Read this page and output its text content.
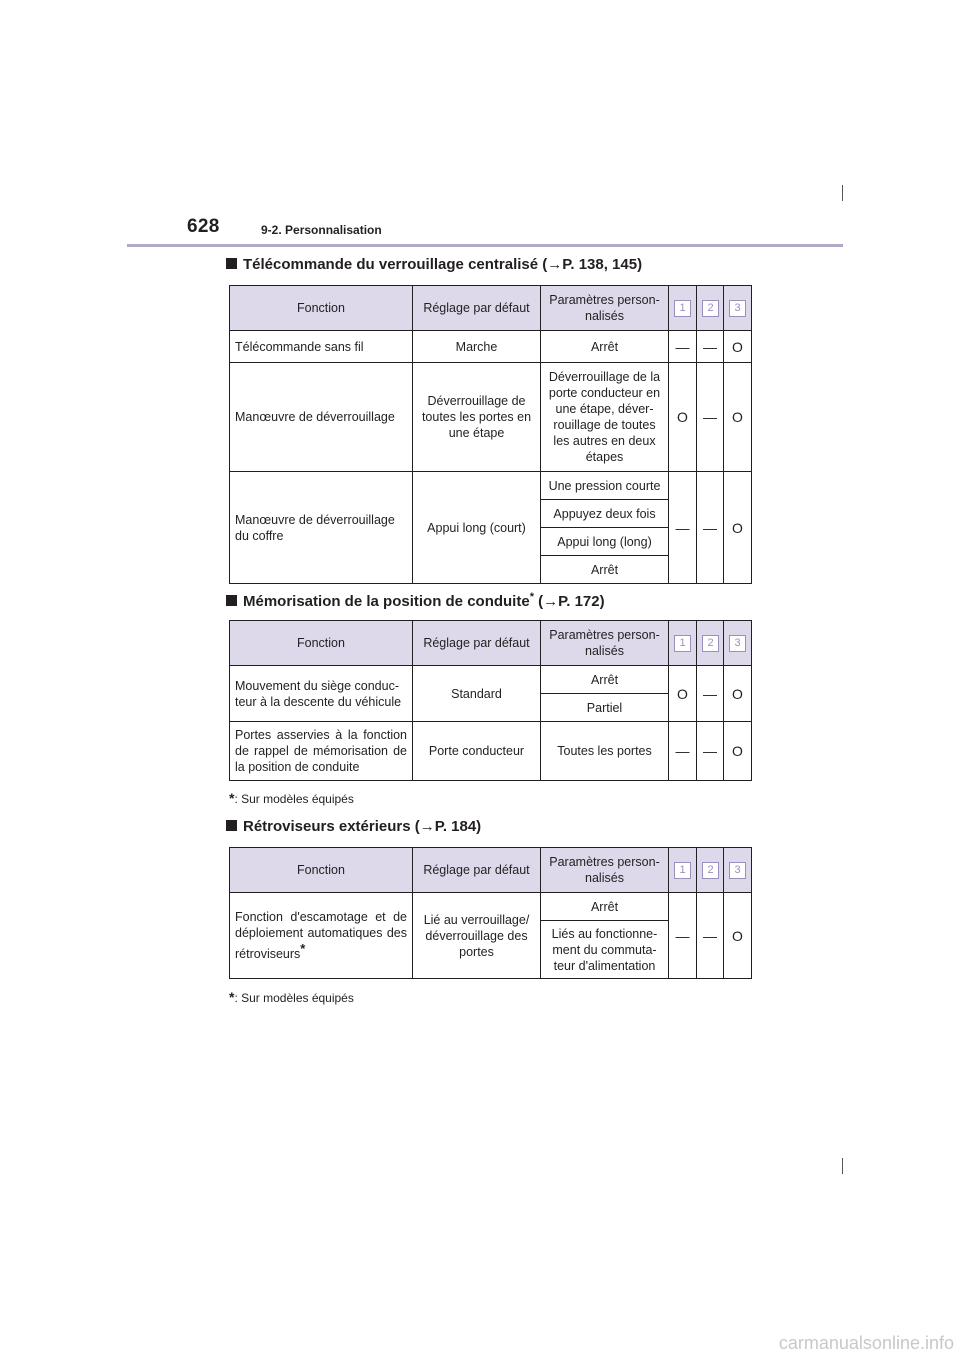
628	9-2. Personnalisation
Télécommande du verrouillage centralisé (→P. 138, 145)
Fonction	Réglage par défaut	Paramètres person-nalisés	1	2	3
Télécommande sans fil	Marche	Arrêt	—	—	O
Manœuvre de déverrouillage	Déverrouillage de toutes les portes en une étape	Déverrouillage de la porte conducteur en une étape, déver-rouillage de toutes les autres en deux étapes	O	—	O
Manœuvre de déverrouillage du coffre	Appui long (court)	Une pression courte	—	—	O
		Appuyez deux fois			
		Appui long (long)			
		Arrêt			
Mémorisation de la position de conduite* (→P. 172)
Fonction	Réglage par défaut	Paramètres person-nalisés	1	2	3
Mouvement du siège conduc-teur à la descente du véhicule	Standard	Arrêt	O	—	O
		Partiel			
Portes asservies à la fonction de rappel de mémorisation de la position de conduite	Porte conducteur	Toutes les portes	—	—	O
*: Sur modèles équipés
Rétroviseurs extérieurs (→P. 184)
Fonction	Réglage par défaut	Paramètres person-nalisés	1	2	3
Fonction d'escamotage et de déploiement automatiques des rétroviseurs*	Lié au verrouillage/ déverrouillage des portes	Arrêt	—	—	O
		Liés au fonctionne-ment du commuta-teur d'alimentation			
*: Sur modèles équipés
carmanualsonline.info
